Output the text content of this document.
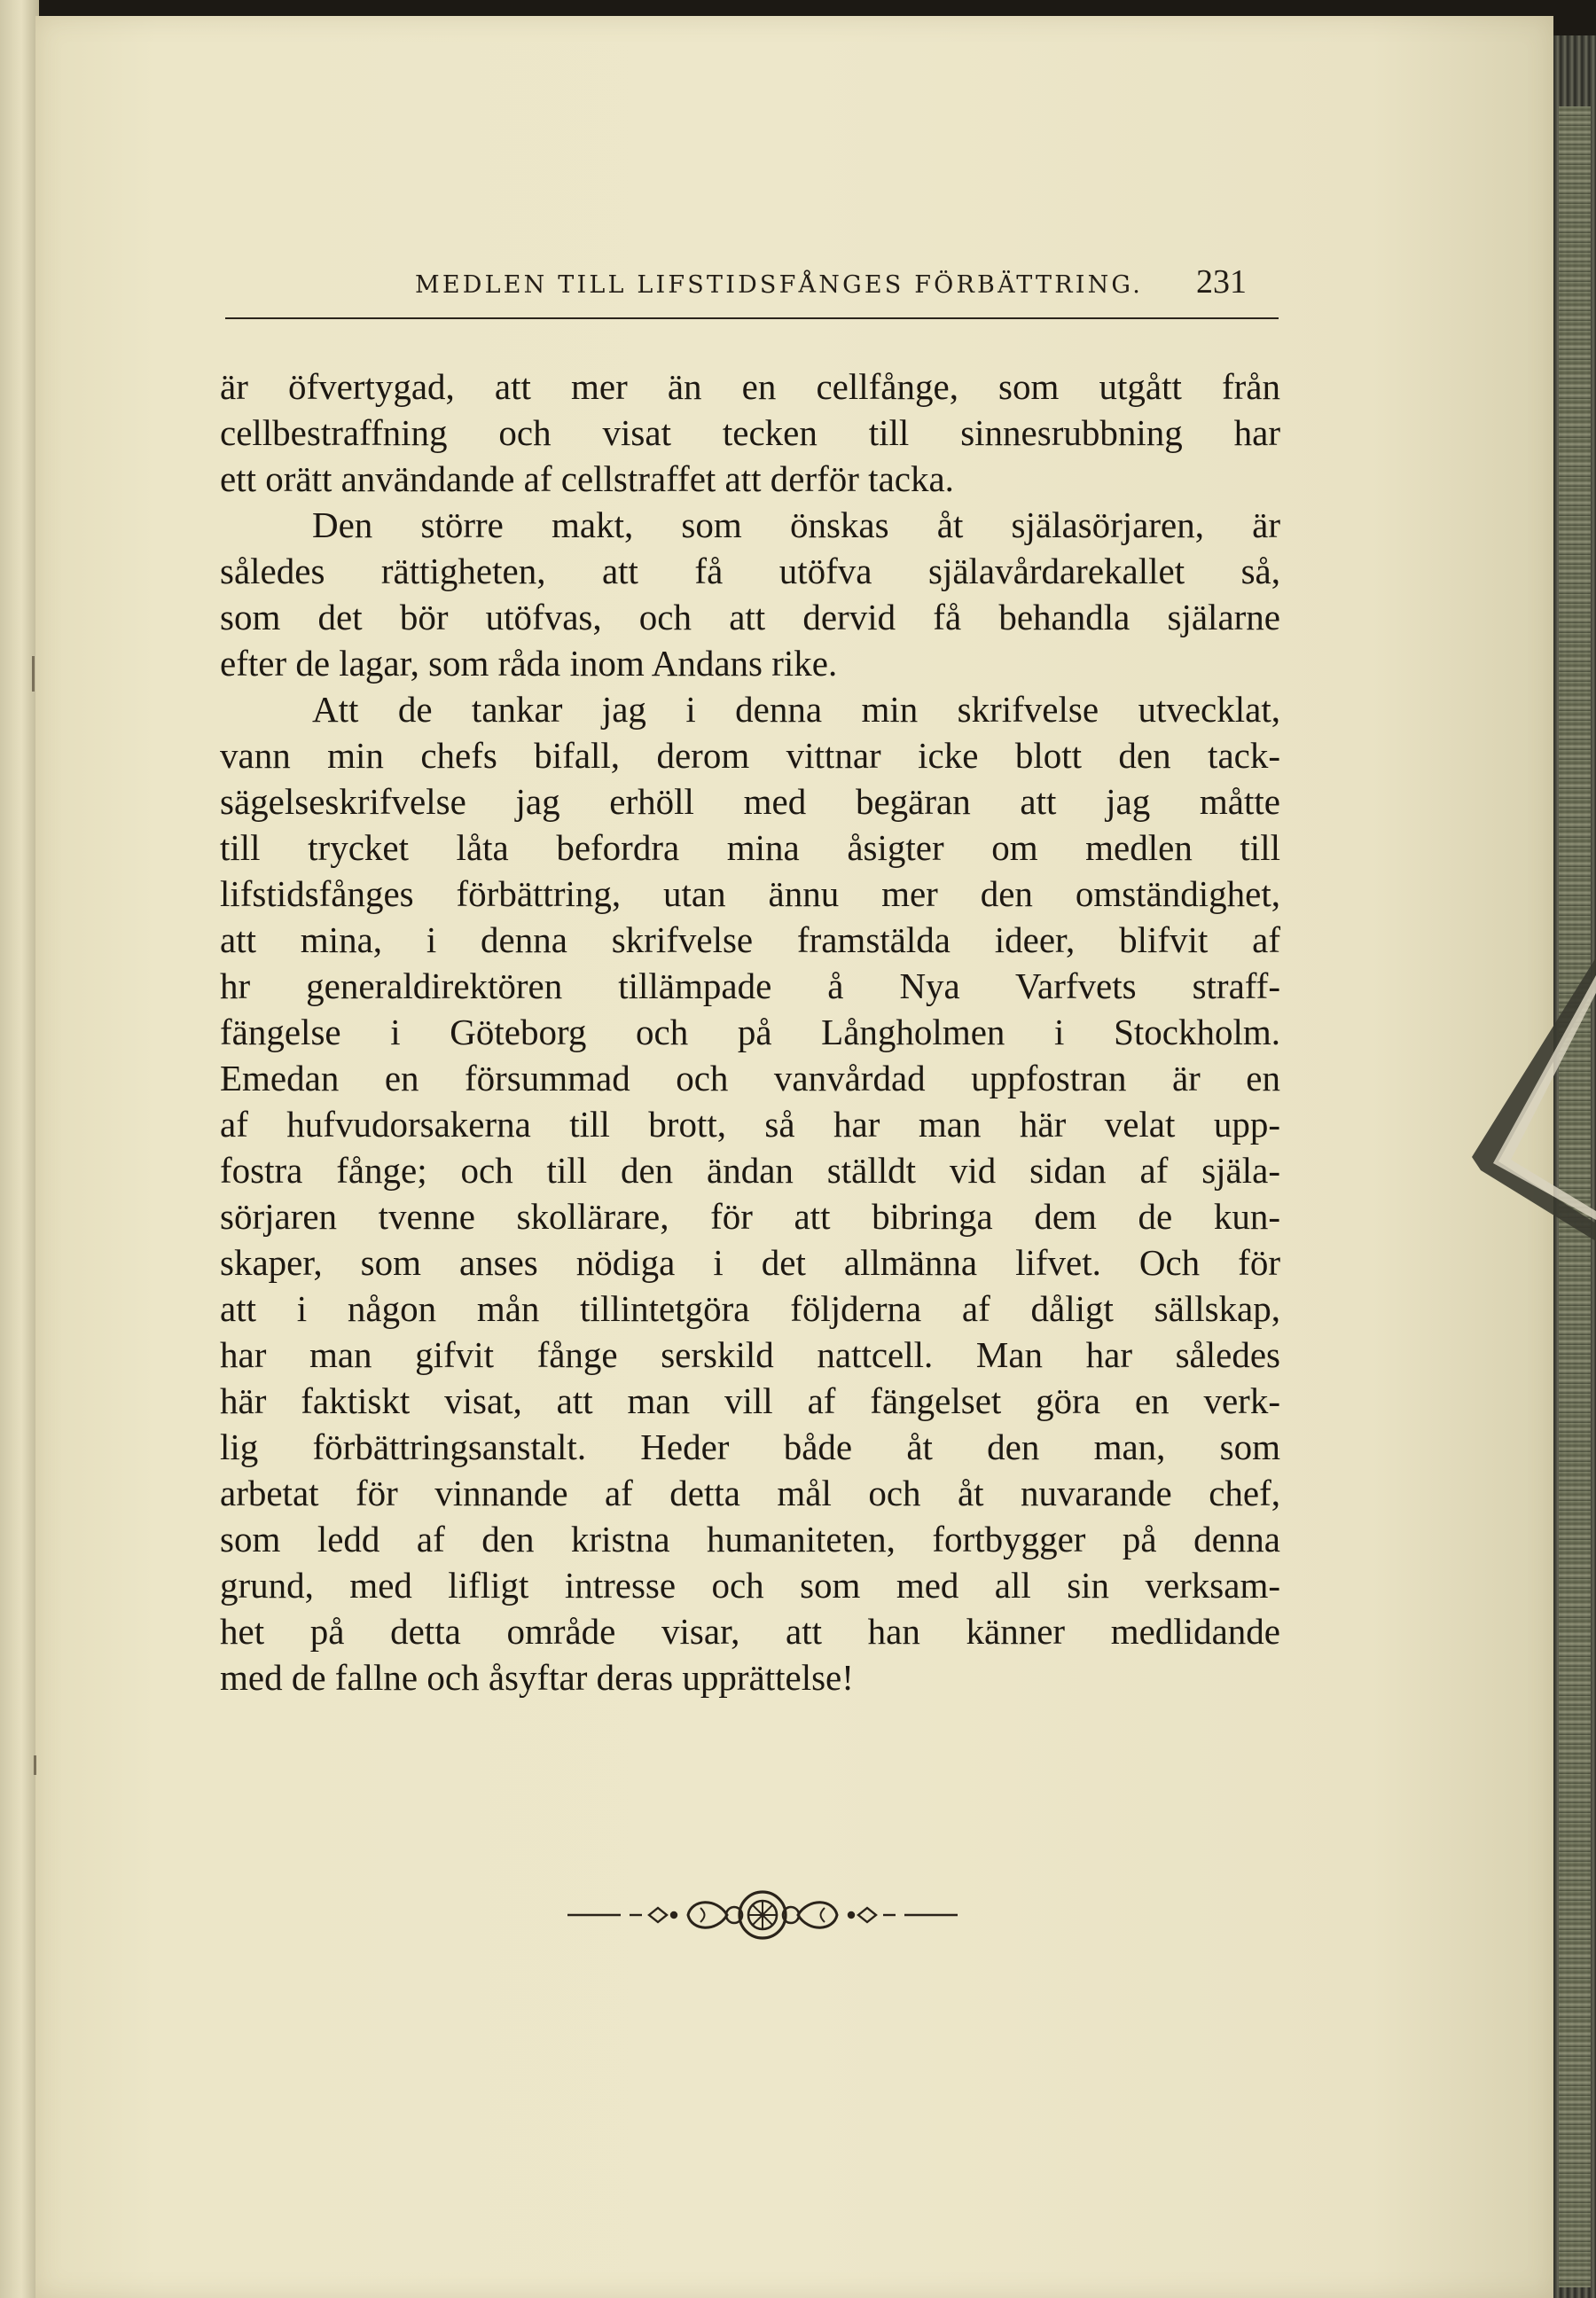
MEDLEN TILL LIFSTIDSFÅNGES FÖRBÄTTRING. 231
är öfvertygad, att mer än en cellfånge, som utgått från
cellbestraffning och visat tecken till sinnesrubbning har
ett orätt användande af cellstraffet att derför tacka.
Den större makt, som önskas åt själasörjaren, är
således rättigheten, att få utöfva själavårdarekallet så,
som det bör utöfvas, och att dervid få behandla själarne
efter de lagar, som råda inom Andans rike.
Att de tankar jag i denna min skrifvelse utvecklat,
vann min chefs bifall, derom vittnar icke blott den tack-
sägelseskrifvelse jag erhöll med begäran att jag måtte
till trycket låta befordra mina åsigter om medlen till
lifstidsfånges förbättring, utan ännu mer den omständighet,
att mina, i denna skrifvelse framstälda ideer, blifvit af
hr generaldirektören tillämpade å Nya Varfvets straff-
fängelse i Göteborg och på Långholmen i Stockholm.
Emedan en försummad och vanvårdad uppfostran är en
af hufvudorsakerna till brott, så har man här velat upp-
fostra fånge; och till den ändan ställdt vid sidan af själa-
sörjaren tvenne skollärare, för att bibringa dem de kun-
skaper, som anses nödiga i det allmänna lifvet. Och för
att i någon mån tillintetgöra följderna af dåligt sällskap,
har man gifvit fånge serskild nattcell. Man har således
här faktiskt visat, att man vill af fängelset göra en verk-
lig förbättringsanstalt. Heder både åt den man, som
arbetat för vinnande af detta mål och åt nuvarande chef,
som ledd af den kristna humaniteten, fortbygger på denna
grund, med lifligt intresse och som med all sin verksam-
het på detta område visar, att han känner medlidande
med de fallne och åsyftar deras upprättelse!
